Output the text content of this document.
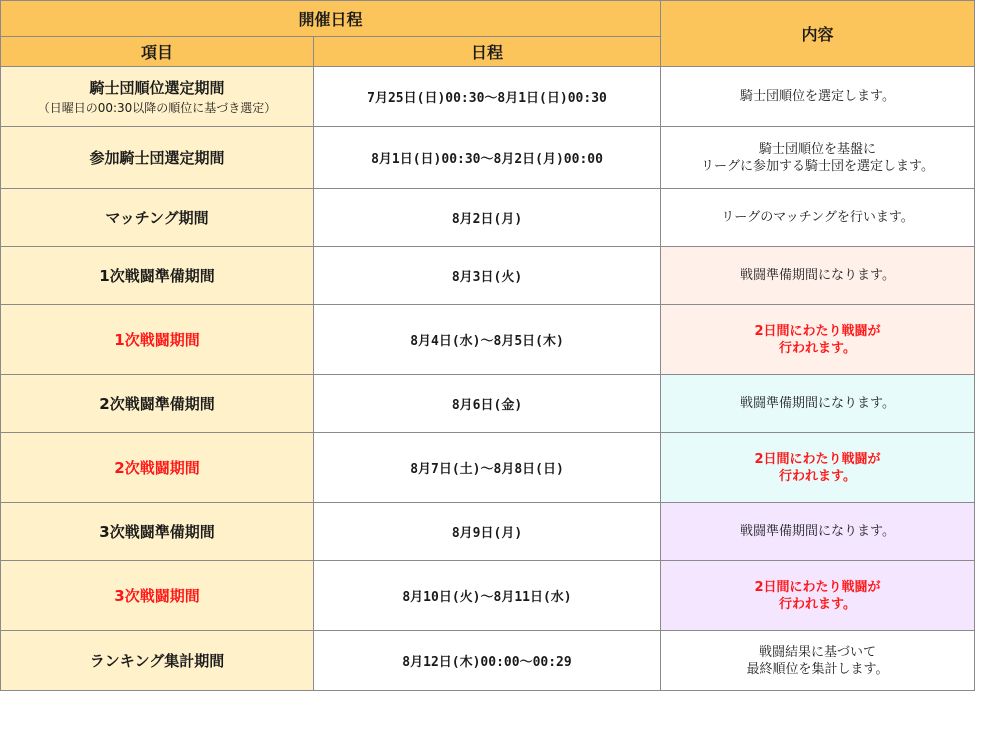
開催日程		内容
項目	日程	

騎士団順位選定期間
（日曜日の00:30以降の順位に基づき選定）	7月25日(日)00:30〜8月1日(日)00:30	騎士団順位を選定します。

参加騎士団選定期間	8月1日(日)00:30〜8月2日(月)00:00	騎士団順位を基盤に
リーグに参加する騎士団を選定します。

マッチング期間	8月2日(月)	リーグのマッチングを行います。

1次戦闘準備期間	8月3日(火)	戦闘準備期間になります。

1次戦闘期間	8月4日(水)〜8月5日(木)	2日間にわたり戦闘が
行われます。

2次戦闘準備期間	8月6日(金)	戦闘準備期間になります。

2次戦闘期間	8月7日(土)〜8月8日(日)	2日間にわたり戦闘が
行われます。

3次戦闘準備期間	8月9日(月)	戦闘準備期間になります。

3次戦闘期間	8月10日(火)〜8月11日(水)	2日間にわたり戦闘が
行われます。

ランキング集計期間	8月12日(木)00:00〜00:29	戦闘結果に基づいて
最終順位を集計します。
